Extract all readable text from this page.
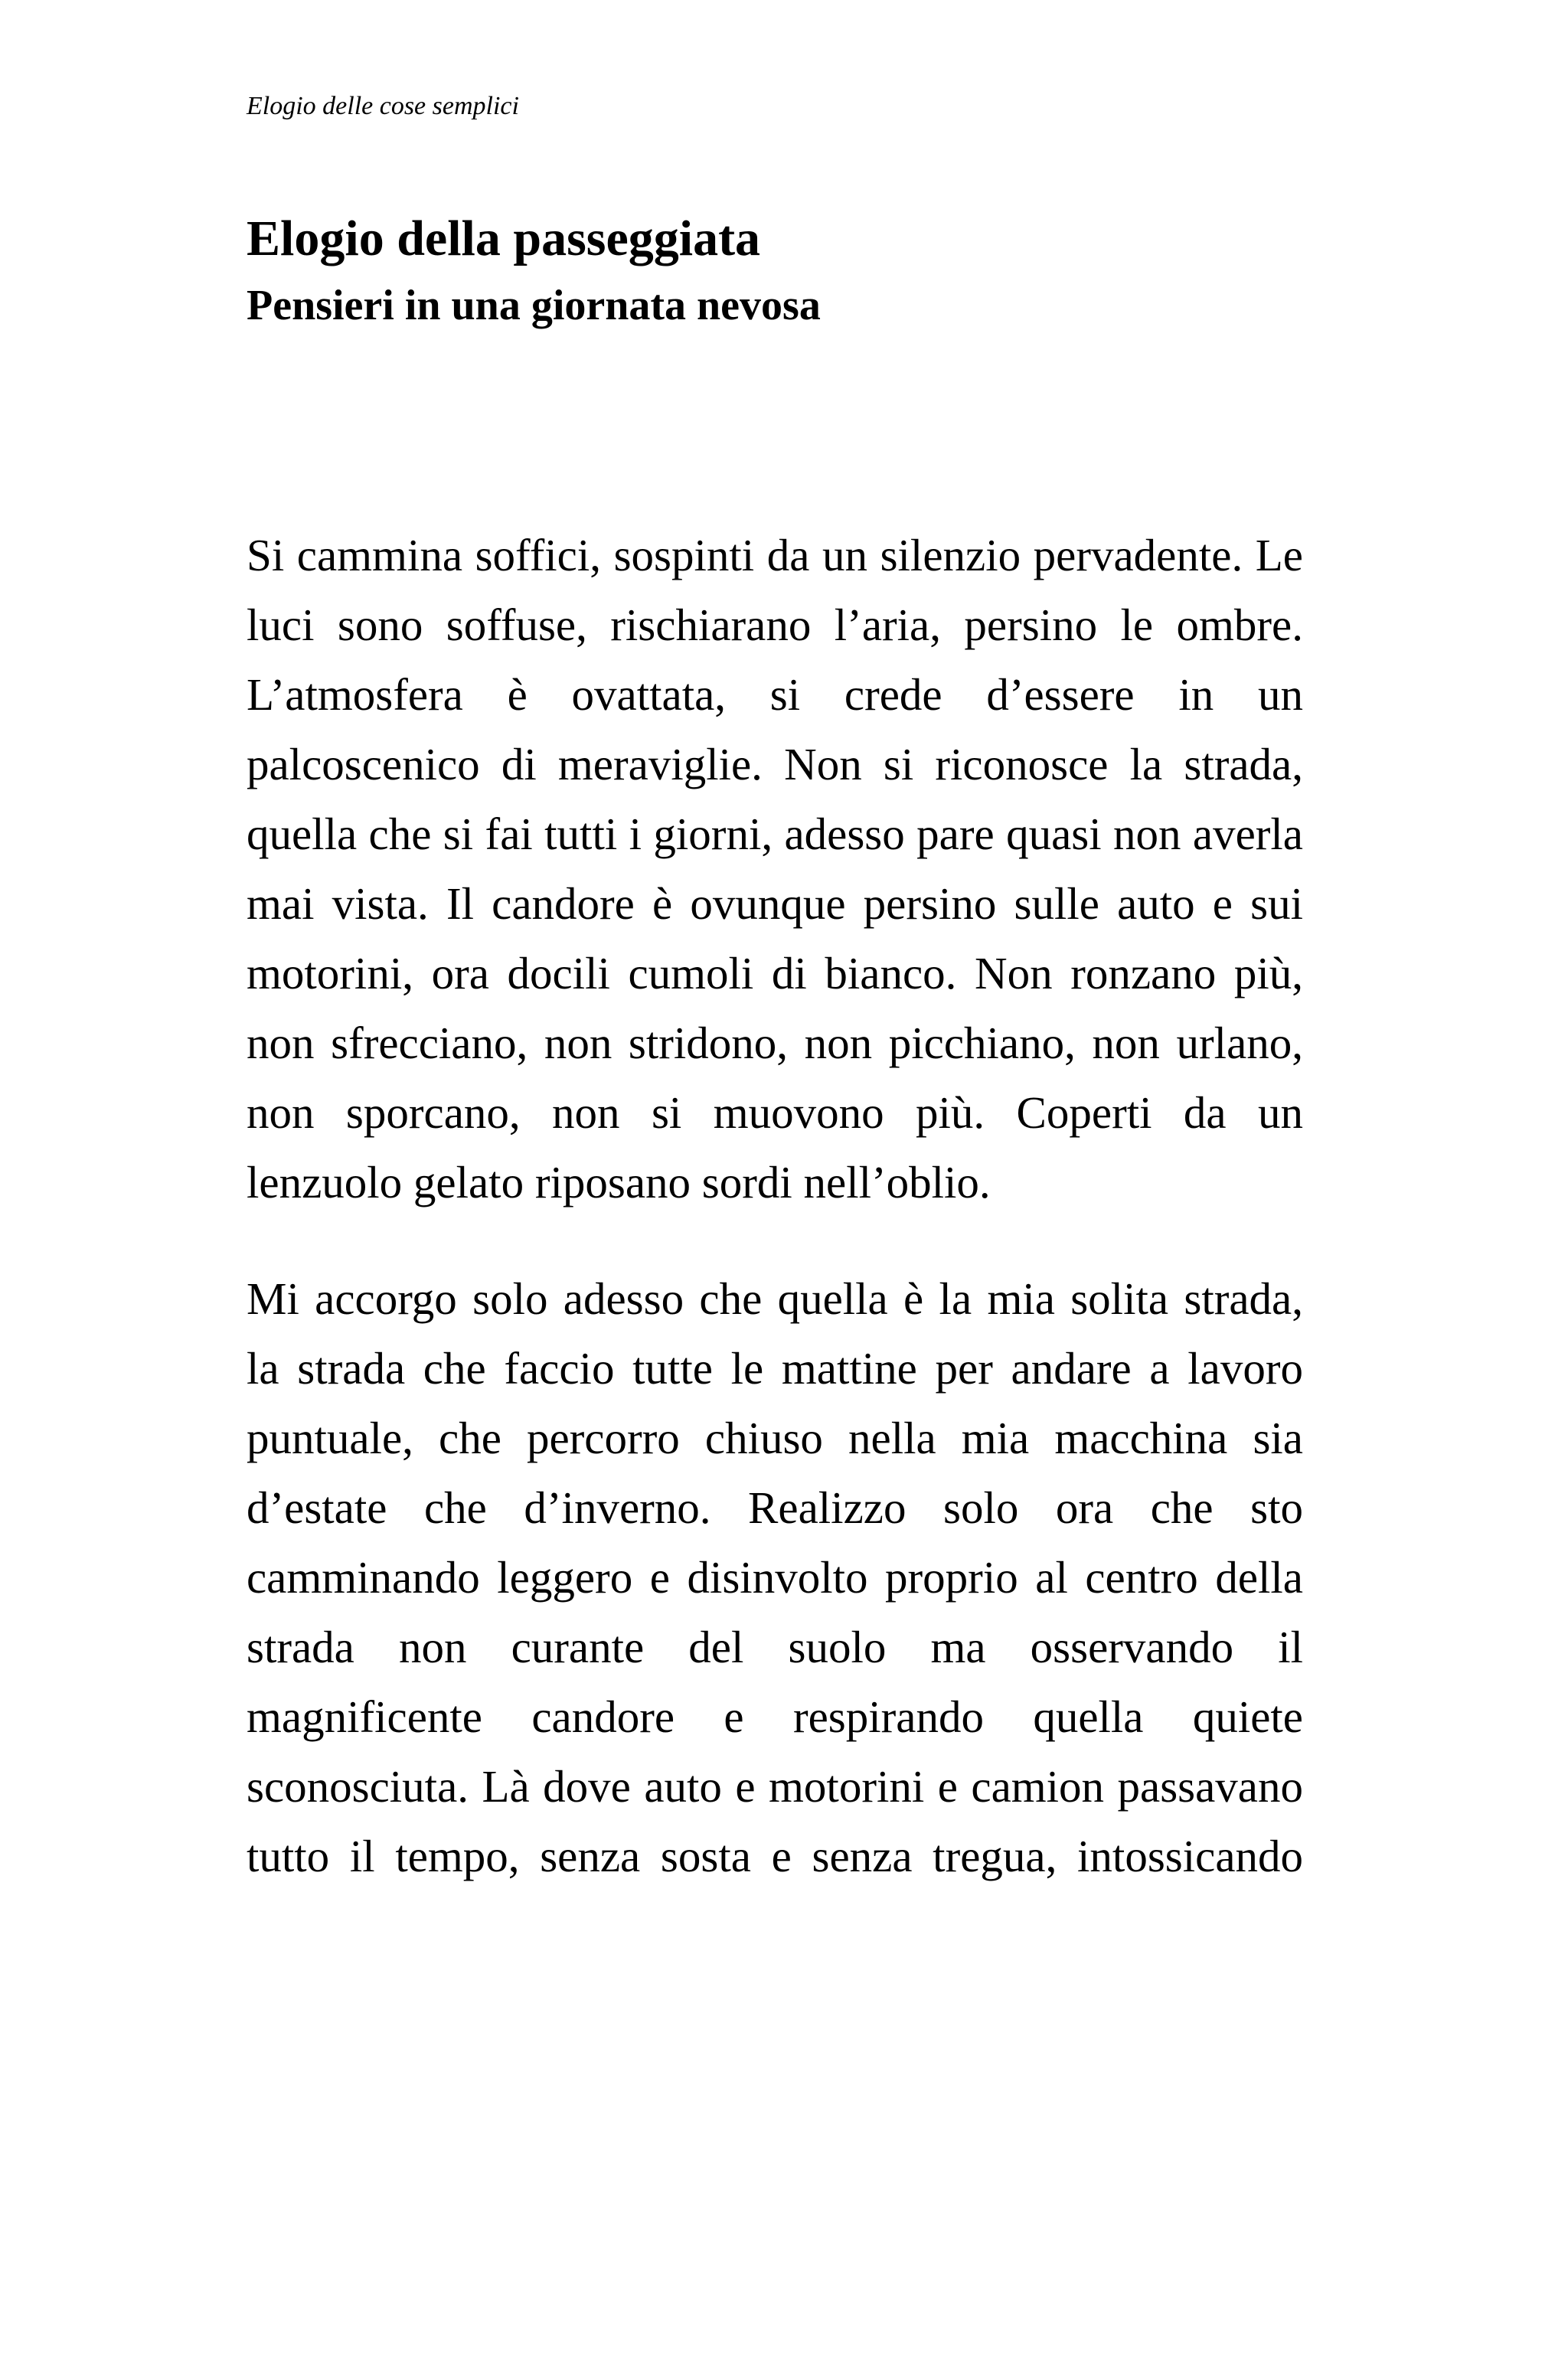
Elogio delle cose semplici
Elogio della passeggiata
Pensieri in una giornata nevosa

Si cammina soffici, sospinti da un silenzio pervadente. Le luci sono soffuse, rischiarano l’aria, persino le ombre. L’atmosfera è ovattata, si crede d’essere in un palcoscenico di meraviglie. Non si riconosce la strada, quella che si fai tutti i giorni, adesso pare quasi non averla mai vista. Il candore è ovunque persino sulle auto e sui motorini, ora docili cumoli di bianco. Non ronzano più, non sfrecciano, non stridono, non picchiano, non urlano, non sporcano, non si muovono più. Coperti da un lenzuolo gelato riposano sordi nell’oblio.

Mi accorgo solo adesso che quella è la mia solita strada, la strada che faccio tutte le mattine per andare a lavoro puntuale, che percorro chiuso nella mia macchina sia d’estate che d’inverno. Realizzo solo ora che sto camminando leggero e disinvolto proprio al centro della strada non curante del suolo ma osservando il magnificente candore e respirando quella quiete sconosciuta. Là dove auto e motorini e camion passavano tutto il tempo, senza sosta e senza tregua, intossicando
